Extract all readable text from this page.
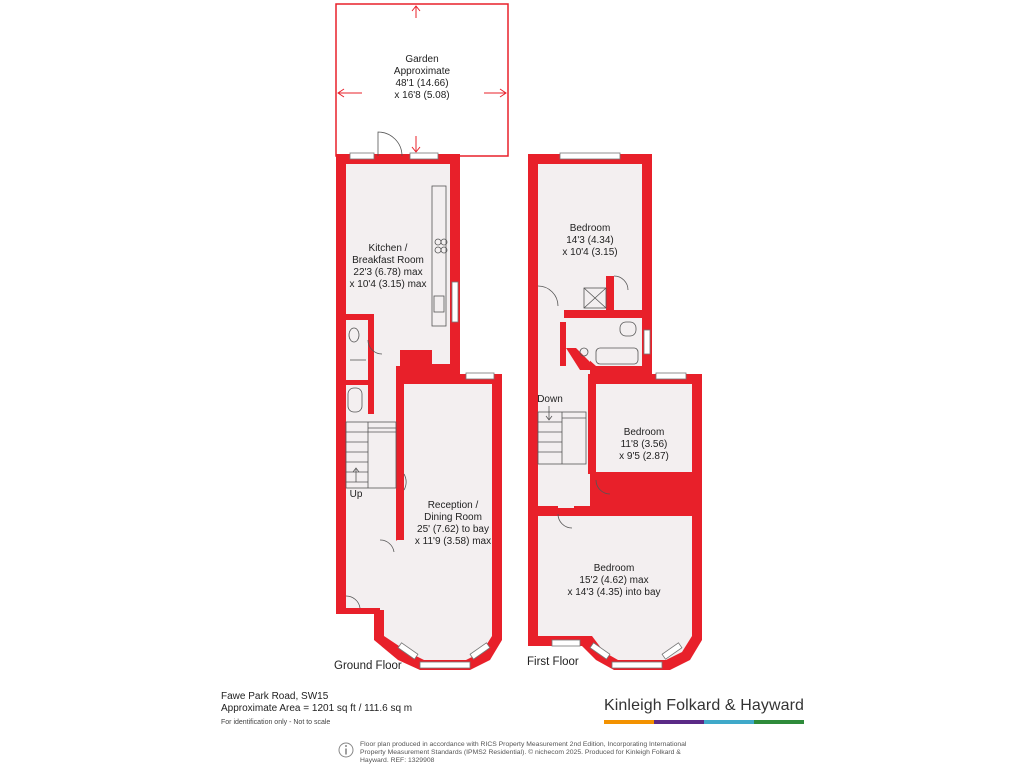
Garden
Approximate
48'1 (14.66)
x 16'8 (5.08)
Kitchen /
Breakfast Room
22'3 (6.78) max
x 10'4 (3.15) max
Reception /
Dining Room
25' (7.62) to bay
x 11'9 (3.58) max
Bedroom
14'3 (4.34)
x 10'4 (3.15)
Bedroom
11'8 (3.56)
x 9'5 (2.87)
Bedroom
15'2 (4.62) max
x 14'3 (4.35) into bay
Up
Down
Ground Floor	First Floor
Fawe Park Road, SW15
Approximate Area = 1201 sq ft / 111.6 sq m
For identification only - Not to scale
Kinleigh Folkard & Hayward
Floor plan produced in accordance with RICS Property Measurement 2nd Edition, Incorporating International Property Measurement Standards (IPMS2 Residential). © nichecom 2025. Produced for Kinleigh Folkard & Hayward. REF: 1329908
